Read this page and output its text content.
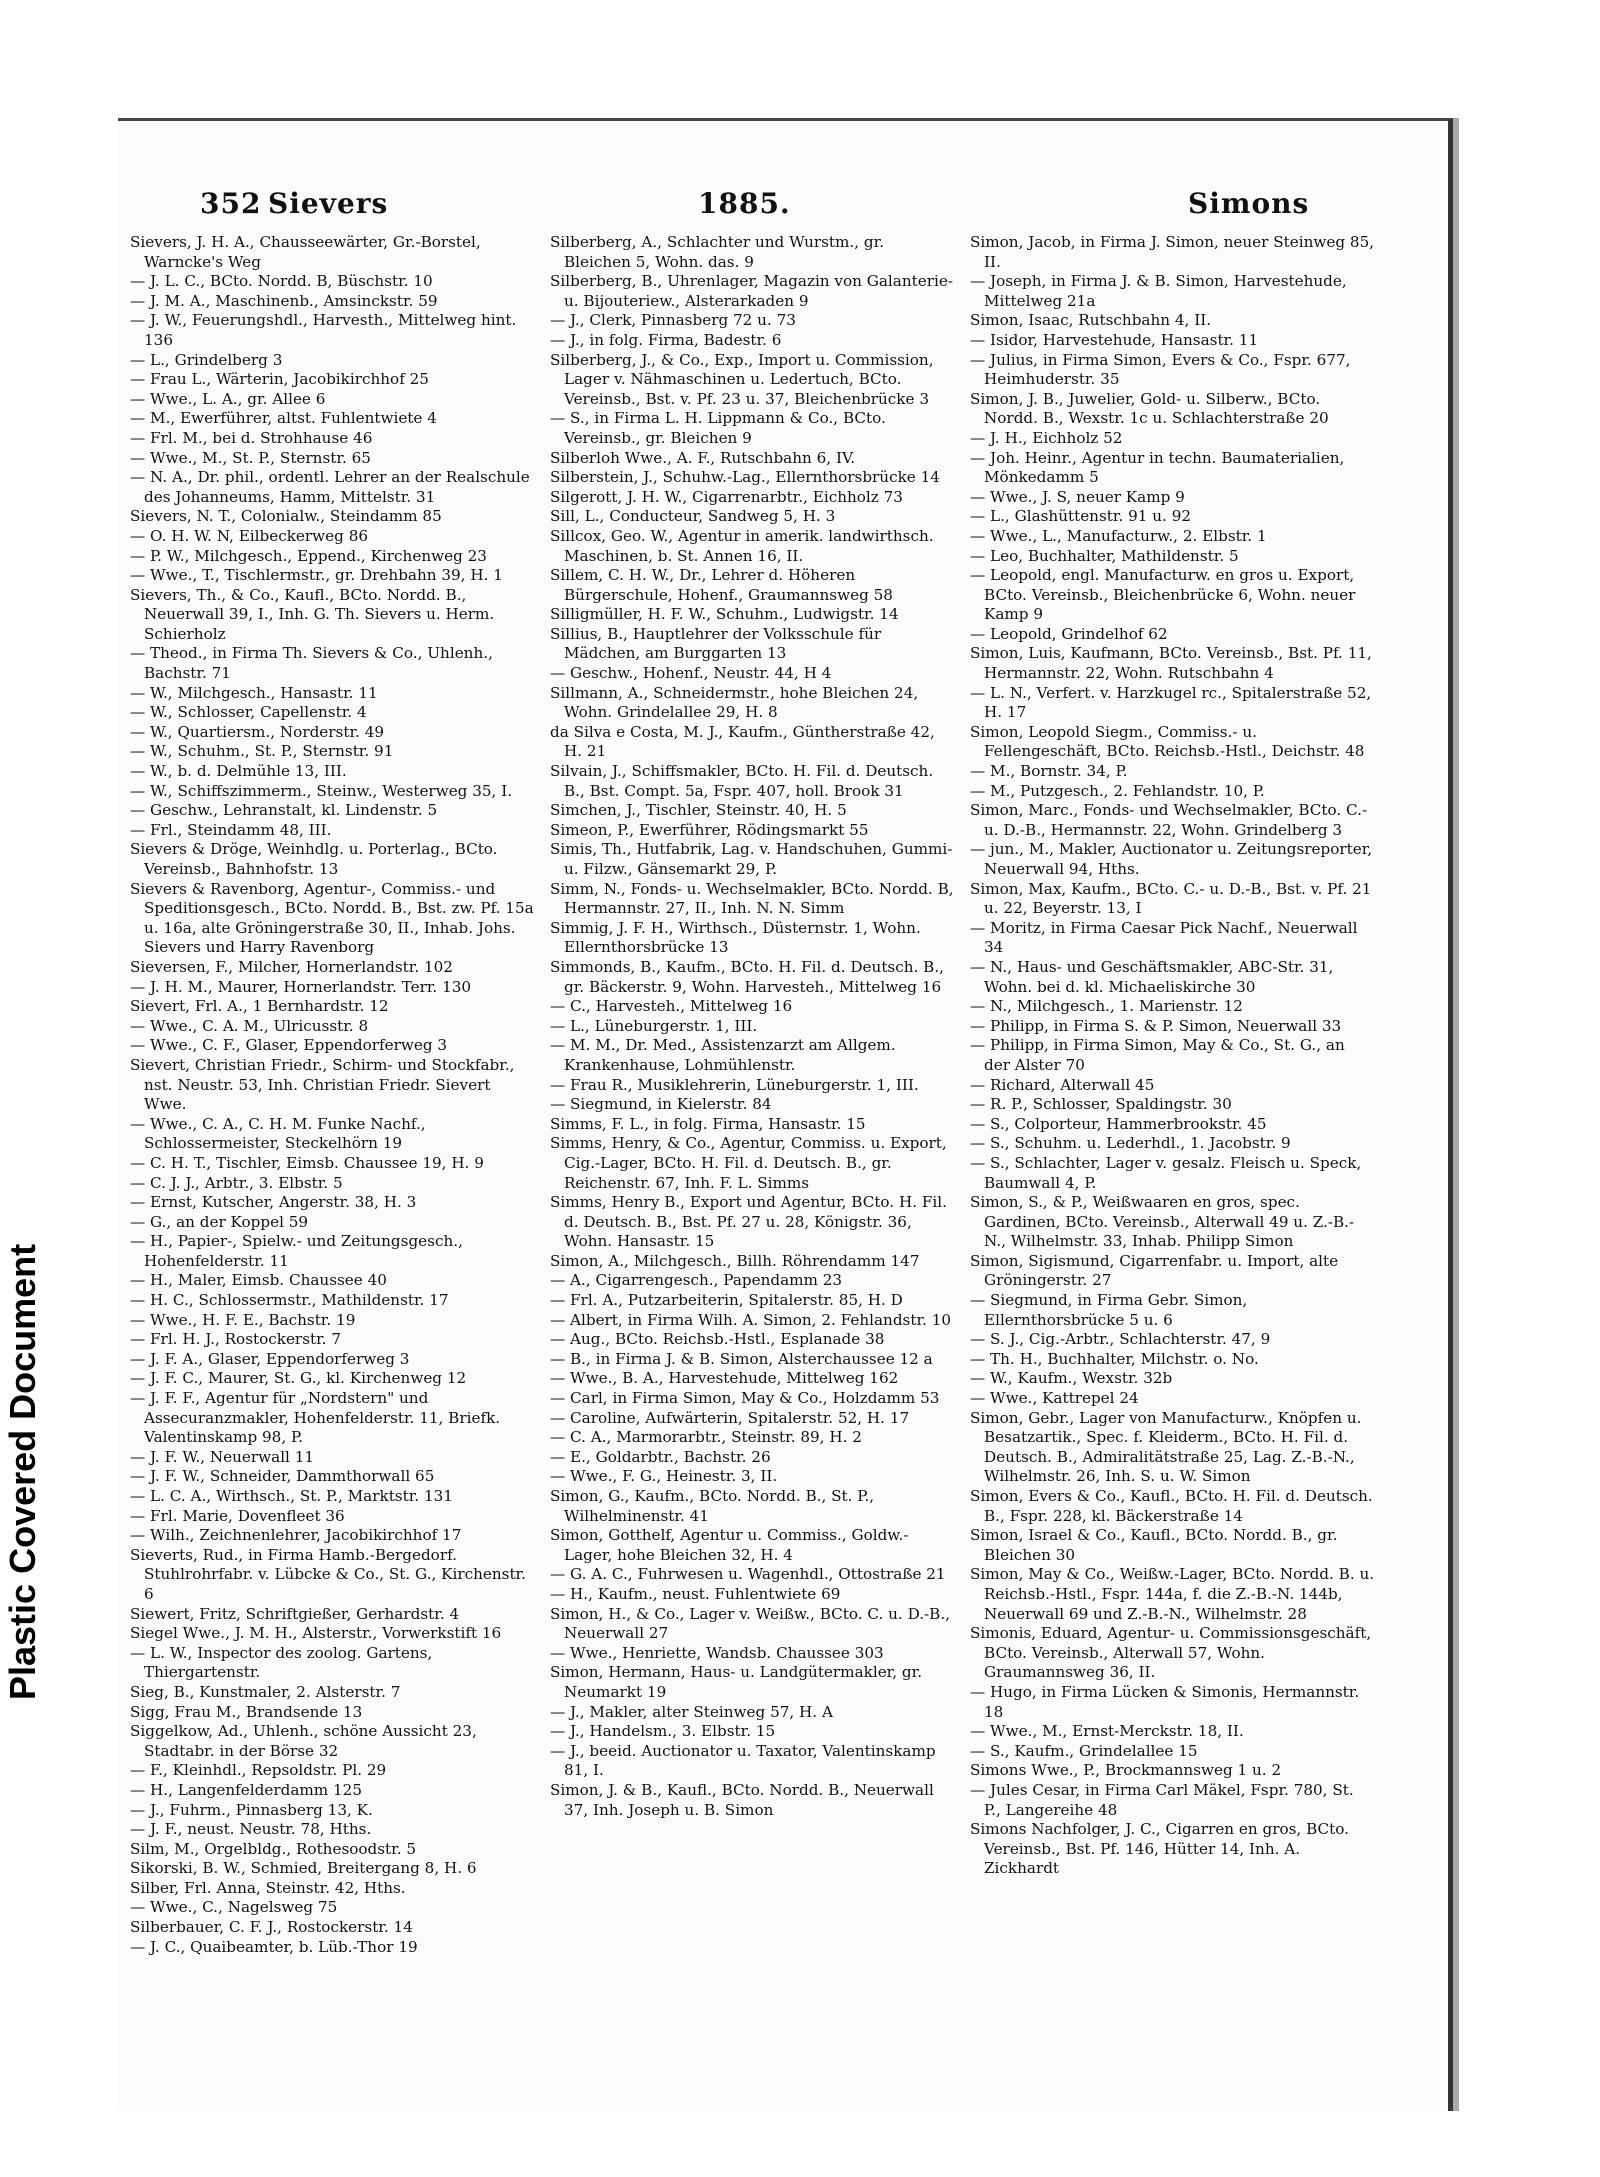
Plastic Covered Document
352 Sievers	1885.	Simons

Sievers, J. H. A., Chausseewärter, Gr.-Borstel, Warncke's Weg

— J. L. C., BCto. Nordd. B, Büschstr. 10

— J. M. A., Maschinenb., Amsinckstr. 59

— J. W., Feuerungshdl., Harvesth., Mittelweg hint. 136

— L., Grindelberg 3

— Frau L., Wärterin, Jacobikirchhof 25

— Wwe., L. A., gr. Allee 6

— M., Ewerführer, altst. Fuhlentwiete 4

— Frl. M., bei d. Strohhause 46

— Wwe., M., St. P., Sternstr. 65

— N. A., Dr. phil., ordentl. Lehrer an der Realschule des Johanneums, Hamm, Mittelstr. 31

Sievers, N. T., Colonialw., Steindamm 85

— O. H. W. N, Eilbeckerweg 86

— P. W., Milchgesch., Eppend., Kirchenweg 23

— Wwe., T., Tischlermstr., gr. Drehbahn 39, H. 1

Sievers, Th., & Co., Kaufl., BCto. Nordd. B., Neuerwall 39, I., Inh. G. Th. Sievers u. Herm. Schierholz

— Theod., in Firma Th. Sievers & Co., Uhlenh., Bachstr. 71

— W., Milchgesch., Hansastr. 11

— W., Schlosser, Capellenstr. 4

— W., Quartiersm., Norderstr. 49

— W., Schuhm., St. P., Sternstr. 91

— W., b. d. Delmühle 13, III.

— W., Schiffszimmerm., Steinw., Westerweg 35, I.

— Geschw., Lehranstalt, kl. Lindenstr. 5

— Frl., Steindamm 48, III.

Sievers & Dröge, Weinhdlg. u. Porterlag., BCto. Vereinsb., Bahnhofstr. 13

Sievers & Ravenborg, Agentur-, Commiss.- und Speditionsgesch., BCto. Nordd. B., Bst. zw. Pf. 15a u. 16a, alte Gröningerstraße 30, II., Inhab. Johs. Sievers und Harry Ravenborg

Sieversen, F., Milcher, Hornerlandstr. 102

— J. H. M., Maurer, Hornerlandstr. Terr. 130

Sievert, Frl. A., 1 Bernhardstr. 12

— Wwe., C. A. M., Ulricusstr. 8

— Wwe., C. F., Glaser, Eppendorferweg 3

Sievert, Christian Friedr., Schirm- und Stockfabr., nst. Neustr. 53, Inh. Christian Friedr. Sievert Wwe.

— Wwe., C. A., C. H. M. Funke Nachf., Schlossermeister, Steckelhörn 19

— C. H. T., Tischler, Eimsb. Chaussee 19, H. 9

— C. J. J., Arbtr., 3. Elbstr. 5

— Ernst, Kutscher, Angerstr. 38, H. 3

— G., an der Koppel 59

— H., Papier-, Spielw.- und Zeitungsgesch., Hohenfelderstr. 11

— H., Maler, Eimsb. Chaussee 40

— H. C., Schlossermstr., Mathildenstr. 17

— Wwe., H. F. E., Bachstr. 19

— Frl. H. J., Rostockerstr. 7

— J. F. A., Glaser, Eppendorferweg 3

— J. F. C., Maurer, St. G., kl. Kirchenweg 12

— J. F. F., Agentur für „Nordstern" und Assecuranzmakler, Hohenfelderstr. 11, Briefk. Valentinskamp 98, P.

— J. F. W., Neuerwall 11

— J. F. W., Schneider, Dammthorwall 65

— L. C. A., Wirthsch., St. P., Marktstr. 131

— Frl. Marie, Dovenfleet 36

— Wilh., Zeichnenlehrer, Jacobikirchhof 17

Sieverts, Rud., in Firma Hamb.-Bergedorf. Stuhlrohrfabr. v. Lübcke & Co., St. G., Kirchenstr. 6

Siewert, Fritz, Schriftgießer, Gerhardstr. 4

Siegel Wwe., J. M. H., Alsterstr., Vorwerkstift 16

— L. W., Inspector des zoolog. Gartens, Thiergartenstr.

Sieg, B., Kunstmaler, 2. Alsterstr. 7

Sigg, Frau M., Brandsende 13

Siggelkow, Ad., Uhlenh., schöne Aussicht 23, Stadtabr. in der Börse 32

— F., Kleinhdl., Repsoldstr. Pl. 29

— H., Langenfelderdamm 125

— J., Fuhrm., Pinnasberg 13, K.

— J. F., neust. Neustr. 78, Hths.

Silm, M., Orgelbldg., Rothesoodstr. 5

Sikorski, B. W., Schmied, Breitergang 8, H. 6

Silber, Frl. Anna, Steinstr. 42, Hths.

— Wwe., C., Nagelsweg 75

Silberbauer, C. F. J., Rostockerstr. 14

— J. C., Quaibeamter, b. Lüb.-Thor 19

Silberberg, A., Schlachter und Wurstm., gr. Bleichen 5, Wohn. das. 9

Silberberg, B., Uhrenlager, Magazin von Galanterie- u. Bijouteriew., Alsterarkaden 9

— J., Clerk, Pinnasberg 72 u. 73

— J., in folg. Firma, Badestr. 6

Silberberg, J., & Co., Exp., Import u. Commission, Lager v. Nähmaschinen u. Ledertuch, BCto. Vereinsb., Bst. v. Pf. 23 u. 37, Bleichenbrücke 3

— S., in Firma L. H. Lippmann & Co., BCto. Vereinsb., gr. Bleichen 9

Silberloh Wwe., A. F., Rutschbahn 6, IV.

Silberstein, J., Schuhw.-Lag., Ellernthorsbrücke 14

Silgerott, J. H. W., Cigarrenarbtr., Eichholz 73

Sill, L., Conducteur, Sandweg 5, H. 3

Sillcox, Geo. W., Agentur in amerik. landwirthsch. Maschinen, b. St. Annen 16, II.

Sillem, C. H. W., Dr., Lehrer d. Höheren Bürgerschule, Hohenf., Graumannsweg 58

Silligmüller, H. F. W., Schuhm., Ludwigstr. 14

Sillius, B., Hauptlehrer der Volksschule für Mädchen, am Burggarten 13

— Geschw., Hohenf., Neustr. 44, H 4

Sillmann, A., Schneidermstr., hohe Bleichen 24, Wohn. Grindelallee 29, H. 8

da Silva e Costa, M. J., Kaufm., Güntherstraße 42, H. 21

Silvain, J., Schiffsmakler, BCto. H. Fil. d. Deutsch. B., Bst. Compt. 5a, Fspr. 407, holl. Brook 31

Simchen, J., Tischler, Steinstr. 40, H. 5

Simeon, P., Ewerführer, Rödingsmarkt 55

Simis, Th., Hutfabrik, Lag. v. Handschuhen, Gummi- u. Filzw., Gänsemarkt 29, P.

Simm, N., Fonds- u. Wechselmakler, BCto. Nordd. B, Hermannstr. 27, II., Inh. N. N. Simm

Simmig, J. F. H., Wirthsch., Düsternstr. 1, Wohn. Ellernthorsbrücke 13

Simmonds, B., Kaufm., BCto. H. Fil. d. Deutsch. B., gr. Bäckerstr. 9, Wohn. Harvesteh., Mittelweg 16

— C., Harvesteh., Mittelweg 16

— L., Lüneburgerstr. 1, III.

— M. M., Dr. Med., Assistenzarzt am Allgem. Krankenhause, Lohmühlenstr.

— Frau R., Musiklehrerin, Lüneburgerstr. 1, III.

— Siegmund, in Kielerstr. 84

Simms, F. L., in folg. Firma, Hansastr. 15

Simms, Henry, & Co., Agentur, Commiss. u. Export, Cig.-Lager, BCto. H. Fil. d. Deutsch. B., gr. Reichenstr. 67, Inh. F. L. Simms

Simms, Henry B., Export und Agentur, BCto. H. Fil. d. Deutsch. B., Bst. Pf. 27 u. 28, Königstr. 36, Wohn. Hansastr. 15

Simon, A., Milchgesch., Billh. Röhrendamm 147

— A., Cigarrengesch., Papendamm 23

— Frl. A., Putzarbeiterin, Spitalerstr. 85, H. D

— Albert, in Firma Wilh. A. Simon, 2. Fehlandstr. 10

— Aug., BCto. Reichsb.-Hstl., Esplanade 38

— B., in Firma J. & B. Simon, Alsterchaussee 12 a

— Wwe., B. A., Harvestehude, Mittelweg 162

— Carl, in Firma Simon, May & Co., Holzdamm 53

— Caroline, Aufwärterin, Spitalerstr. 52, H. 17

— C. A., Marmorarbtr., Steinstr. 89, H. 2

— E., Goldarbtr., Bachstr. 26

— Wwe., F. G., Heinestr. 3, II.

Simon, G., Kaufm., BCto. Nordd. B., St. P., Wilhelminenstr. 41

Simon, Gotthelf, Agentur u. Commiss., Goldw.-Lager, hohe Bleichen 32, H. 4

— G. A. C., Fuhrwesen u. Wagenhdl., Ottostraße 21

— H., Kaufm., neust. Fuhlentwiete 69

Simon, H., & Co., Lager v. Weißw., BCto. C. u. D.-B., Neuerwall 27

— Wwe., Henriette, Wandsb. Chaussee 303

Simon, Hermann, Haus- u. Landgütermakler, gr. Neumarkt 19

— J., Makler, alter Steinweg 57, H. A

— J., Handelsm., 3. Elbstr. 15

— J., beeid. Auctionator u. Taxator, Valentinskamp 81, I.

Simon, J. & B., Kaufl., BCto. Nordd. B., Neuerwall 37, Inh. Joseph u. B. Simon

Simon, Jacob, in Firma J. Simon, neuer Steinweg 85, II.

— Joseph, in Firma J. & B. Simon, Harvestehude, Mittelweg 21a

Simon, Isaac, Rutschbahn 4, II.

— Isidor, Harvestehude, Hansastr. 11

— Julius, in Firma Simon, Evers & Co., Fspr. 677, Heimhuderstr. 35

Simon, J. B., Juwelier, Gold- u. Silberw., BCto. Nordd. B., Wexstr. 1c u. Schlachterstraße 20

— J. H., Eichholz 52

— Joh. Heinr., Agentur in techn. Baumaterialien, Mönkedamm 5

— Wwe., J. S, neuer Kamp 9

— L., Glashüttenstr. 91 u. 92

— Wwe., L., Manufacturw., 2. Elbstr. 1

— Leo, Buchhalter, Mathildenstr. 5

— Leopold, engl. Manufacturw. en gros u. Export, BCto. Vereinsb., Bleichenbrücke 6, Wohn. neuer Kamp 9

— Leopold, Grindelhof 62

Simon, Luis, Kaufmann, BCto. Vereinsb., Bst. Pf. 11, Hermannstr. 22, Wohn. Rutschbahn 4

— L. N., Verfert. v. Harzkugel rc., Spitalerstraße 52, H. 17

Simon, Leopold Siegm., Commiss.- u. Fellengeschäft, BCto. Reichsb.-Hstl., Deichstr. 48

— M., Bornstr. 34, P.

— M., Putzgesch., 2. Fehlandstr. 10, P.

Simon, Marc., Fonds- und Wechselmakler, BCto. C.- u. D.-B., Hermannstr. 22, Wohn. Grindelberg 3

— jun., M., Makler, Auctionator u. Zeitungsreporter, Neuerwall 94, Hths.

Simon, Max, Kaufm., BCto. C.- u. D.-B., Bst. v. Pf. 21 u. 22, Beyerstr. 13, I

— Moritz, in Firma Caesar Pick Nachf., Neuerwall 34

— N., Haus- und Geschäftsmakler, ABC-Str. 31, Wohn. bei d. kl. Michaeliskirche 30

— N., Milchgesch., 1. Marienstr. 12

— Philipp, in Firma S. & P. Simon, Neuerwall 33

— Philipp, in Firma Simon, May & Co., St. G., an der Alster 70

— Richard, Alterwall 45

— R. P., Schlosser, Spaldingstr. 30

— S., Colporteur, Hammerbrookstr. 45

— S., Schuhm. u. Lederhdl., 1. Jacobstr. 9

— S., Schlachter, Lager v. gesalz. Fleisch u. Speck, Baumwall 4, P.

Simon, S., & P., Weißwaaren en gros, spec. Gardinen, BCto. Vereinsb., Alterwall 49 u. Z.-B.-N., Wilhelmstr. 33, Inhab. Philipp Simon

Simon, Sigismund, Cigarrenfabr. u. Import, alte Gröningerstr. 27

— Siegmund, in Firma Gebr. Simon, Ellernthorsbrücke 5 u. 6

— S. J., Cig.-Arbtr., Schlachterstr. 47, 9

— Th. H., Buchhalter, Milchstr. o. No.

— W., Kaufm., Wexstr. 32b

— Wwe., Kattrepel 24

Simon, Gebr., Lager von Manufacturw., Knöpfen u. Besatzartik., Spec. f. Kleiderm., BCto. H. Fil. d. Deutsch. B., Admiralitätstraße 25, Lag. Z.-B.-N., Wilhelmstr. 26, Inh. S. u. W. Simon

Simon, Evers & Co., Kaufl., BCto. H. Fil. d. Deutsch. B., Fspr. 228, kl. Bäckerstraße 14

Simon, Israel & Co., Kaufl., BCto. Nordd. B., gr. Bleichen 30

Simon, May & Co., Weißw.-Lager, BCto. Nordd. B. u. Reichsb.-Hstl., Fspr. 144a, f. die Z.-B.-N. 144b, Neuerwall 69 und Z.-B.-N., Wilhelmstr. 28

Simonis, Eduard, Agentur- u. Commissionsgeschäft, BCto. Vereinsb., Alterwall 57, Wohn. Graumannsweg 36, II.

— Hugo, in Firma Lücken & Simonis, Hermannstr. 18

— Wwe., M., Ernst-Merckstr. 18, II.

— S., Kaufm., Grindelallee 15

Simons Wwe., P., Brockmannsweg 1 u. 2

— Jules Cesar, in Firma Carl Mäkel, Fspr. 780, St. P., Langereihe 48

Simons Nachfolger, J. C., Cigarren en gros, BCto. Vereinsb., Bst. Pf. 146, Hütter 14, Inh. A. Zickhardt
